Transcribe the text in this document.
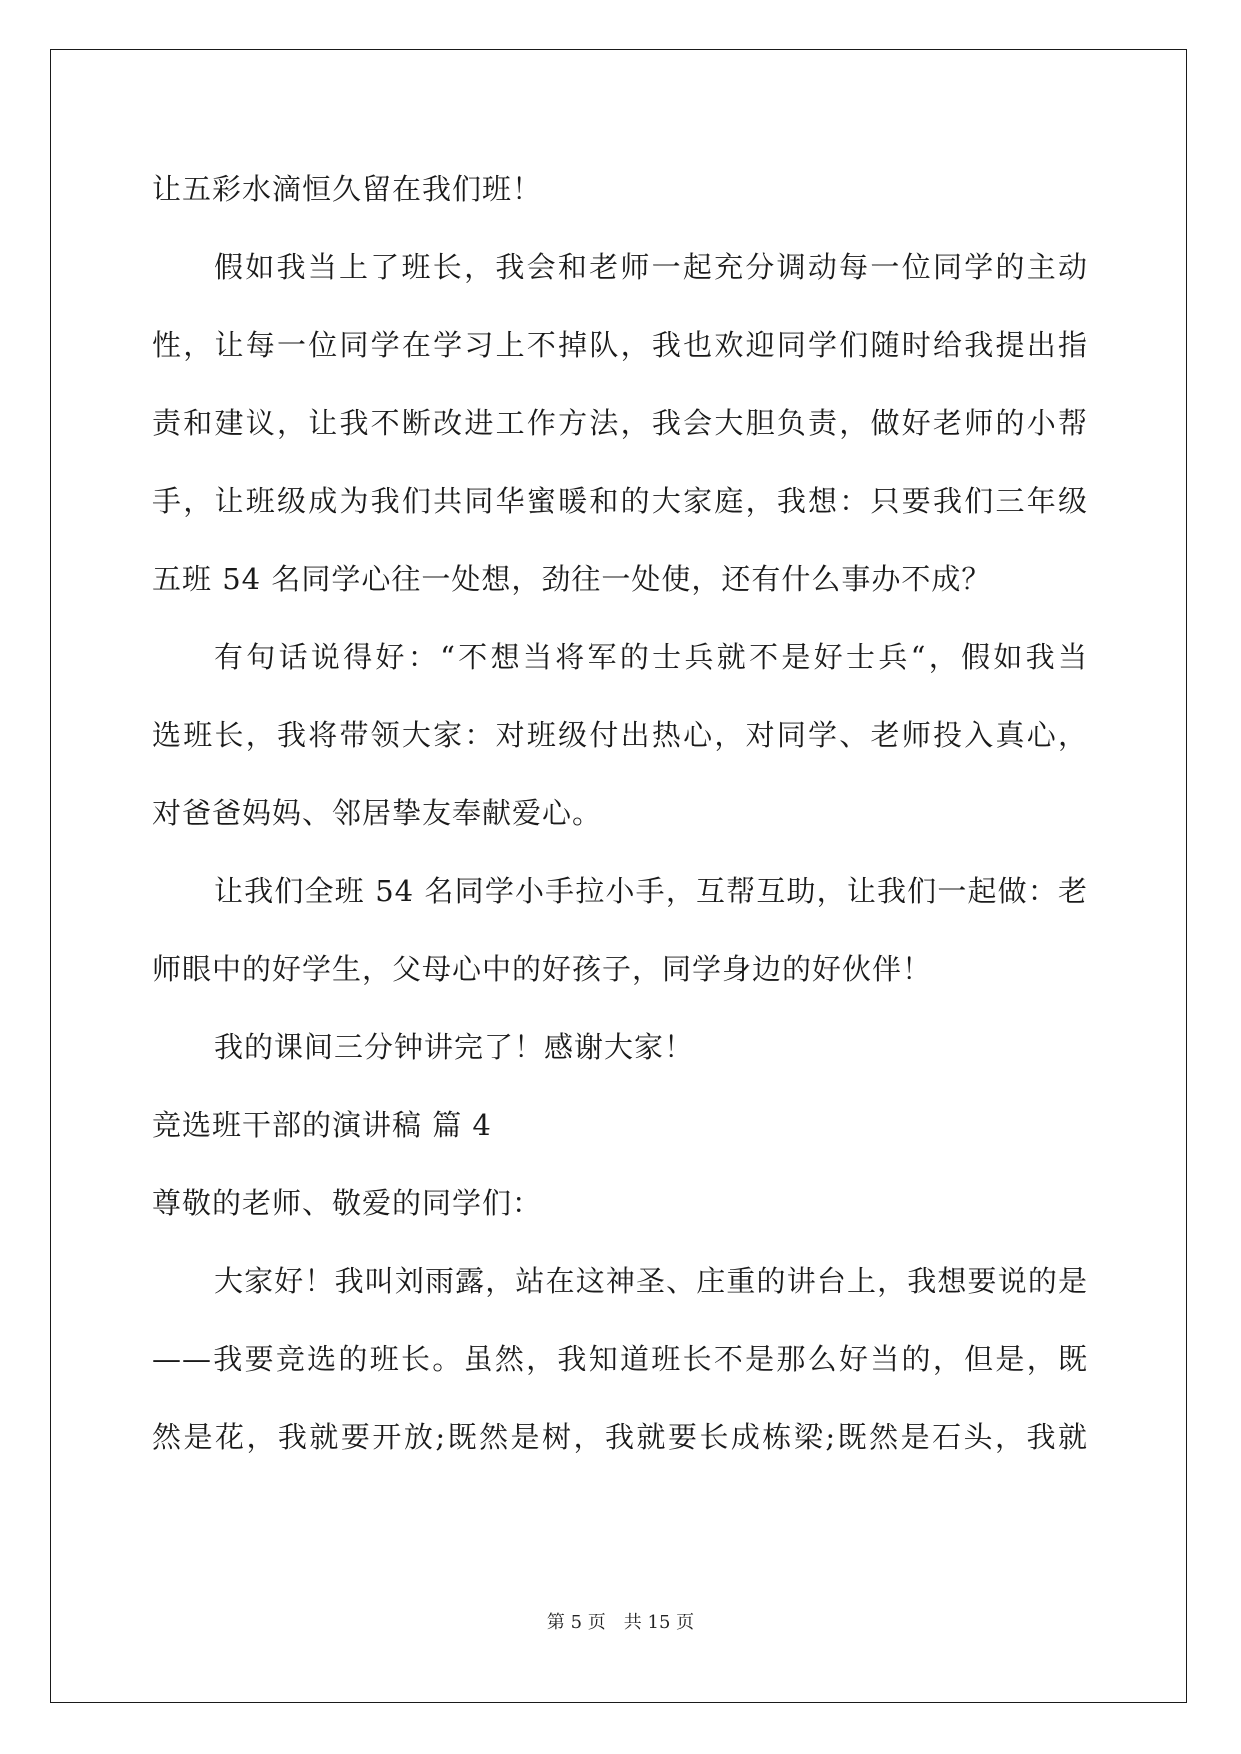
让五彩水滴恒久留在我们班！
假如我当上了班长，我会和老师一起充分调动每一位同学的主动
性，让每一位同学在学习上不掉队，我也欢迎同学们随时给我提出指
责和建议，让我不断改进工作方法，我会大胆负责，做好老师的小帮
手，让班级成为我们共同华蜜暖和的大家庭，我想：只要我们三年级
五班 54 名同学心往一处想，劲往一处使，还有什么事办不成？
有句话说得好：“不想当将军的士兵就不是好士兵“，假如我当
选班长，我将带领大家：对班级付出热心，对同学、老师投入真心，
对爸爸妈妈、邻居挚友奉献爱心。
让我们全班 54 名同学小手拉小手，互帮互助，让我们一起做：老
师眼中的好学生，父母心中的好孩子，同学身边的好伙伴！
我的课间三分钟讲完了！感谢大家！
竞选班干部的演讲稿 篇 4
尊敬的老师、敬爱的同学们：
大家好！我叫刘雨露，站在这神圣、庄重的讲台上，我想要说的是
——我要竞选的班长。虽然，我知道班长不是那么好当的，但是，既
然是花，我就要开放;既然是树，我就要长成栋梁;既然是石头，我就
第 5 页 共 15 页
